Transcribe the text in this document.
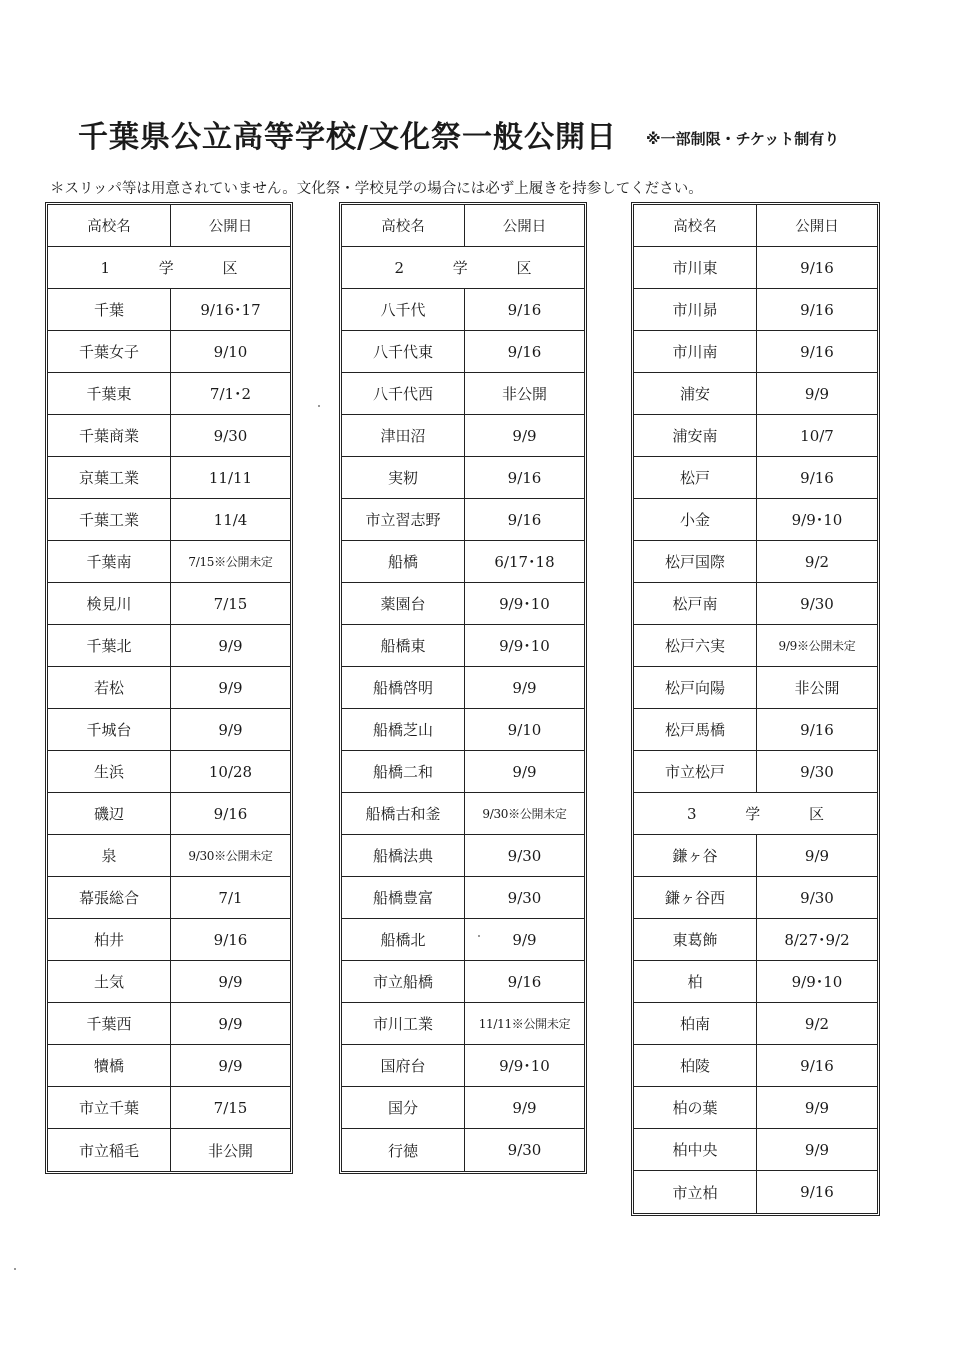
千葉県公立高等学校/文化祭一般公開日 ※一部制限・チケット制有り
＊スリッパ等は用意されていません。文化祭・学校見学の場合には必ず上履きを持参してください。
高校名	公開日
1 学 区
千葉	9/16･17
千葉女子	9/10
千葉東	7/1･2
千葉商業	9/30
京葉工業	11/11
千葉工業	11/4
千葉南	7/15※公開未定
検見川	7/15
千葉北	9/9
若松	9/9
千城台	9/9
生浜	10/28
磯辺	9/16
泉	9/30※公開未定
幕張総合	7/1
柏井	9/16
土気	9/9
千葉西	9/9
犢橋	9/9
市立千葉	7/15
市立稲毛	非公開
高校名	公開日
2 学 区
八千代	9/16
八千代東	9/16
八千代西	非公開
津田沼	9/9
実籾	9/16
市立習志野	9/16
船橋	6/17･18
薬園台	9/9･10
船橋東	9/9･10
船橋啓明	9/9
船橋芝山	9/10
船橋二和	9/9
船橋古和釜	9/30※公開未定
船橋法典	9/30
船橋豊富	9/30
船橋北	9/9
市立船橋	9/16
市川工業	11/11※公開未定
国府台	9/9･10
国分	9/9
行徳	9/30
高校名	公開日
市川東	9/16
市川昴	9/16
市川南	9/16
浦安	9/9
浦安南	10/7
松戸	9/16
小金	9/9･10
松戸国際	9/2
松戸南	9/30
松戸六実	9/9※公開未定
松戸向陽	非公開
松戸馬橋	9/16
市立松戸	9/30
3 学 区
鎌ヶ谷	9/9
鎌ヶ谷西	9/30
東葛飾	8/27･9/2
柏	9/9･10
柏南	9/2
柏陵	9/16
柏の葉	9/9
柏中央	9/9
市立柏	9/16
